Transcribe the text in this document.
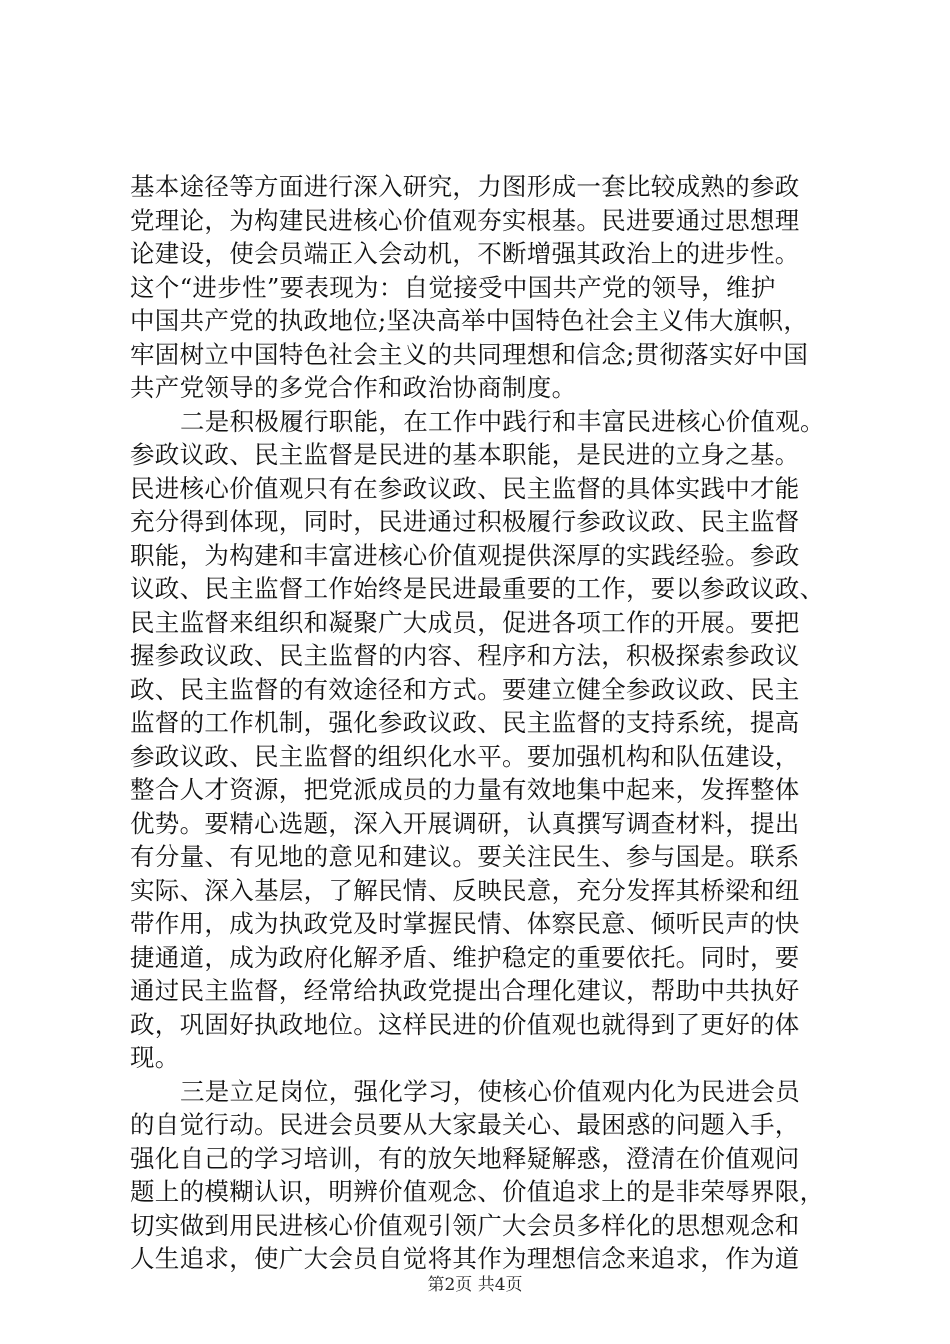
基本途径等方面进行深入研究，力图形成一套比较成熟的参政
党理论，为构建民进核心价值观夯实根基。民进要通过思想理
论建设，使会员端正入会动机，不断增强其政治上的进步性。
这个“进步性”要表现为：自觉接受中国共产党的领导，维护
中国共产党的执政地位;坚决高举中国特色社会主义伟大旗帜，
牢固树立中国特色社会主义的共同理想和信念;贯彻落实好中国
共产党领导的多党合作和政治协商制度。
二是积极履行职能，在工作中践行和丰富民进核心价值观。
参政议政、民主监督是民进的基本职能，是民进的立身之基。
民进核心价值观只有在参政议政、民主监督的具体实践中才能
充分得到体现，同时，民进通过积极履行参政议政、民主监督
职能，为构建和丰富进核心价值观提供深厚的实践经验。参政
议政、民主监督工作始终是民进最重要的工作，要以参政议政、
民主监督来组织和凝聚广大成员，促进各项工作的开展。要把
握参政议政、民主监督的内容、程序和方法，积极探索参政议
政、民主监督的有效途径和方式。要建立健全参政议政、民主
监督的工作机制，强化参政议政、民主监督的支持系统，提高
参政议政、民主监督的组织化水平。要加强机构和队伍建设，
整合人才资源，把党派成员的力量有效地集中起来，发挥整体
优势。要精心选题，深入开展调研，认真撰写调查材料，提出
有分量、有见地的意见和建议。要关注民生、参与国是。联系
实际、深入基层，了解民情、反映民意，充分发挥其桥梁和纽
带作用，成为执政党及时掌握民情、体察民意、倾听民声的快
捷通道，成为政府化解矛盾、维护稳定的重要依托。同时，要
通过民主监督，经常给执政党提出合理化建议，帮助中共执好
政，巩固好执政地位。这样民进的价值观也就得到了更好的体
现。
三是立足岗位，强化学习，使核心价值观内化为民进会员
的自觉行动。民进会员要从大家最关心、最困惑的问题入手，
强化自己的学习培训，有的放矢地释疑解惑，澄清在价值观问
题上的模糊认识，明辨价值观念、价值追求上的是非荣辱界限，
切实做到用民进核心价值观引领广大会员多样化的思想观念和
人生追求，使广大会员自觉将其作为理想信念来追求，作为道
第2页 共4页
